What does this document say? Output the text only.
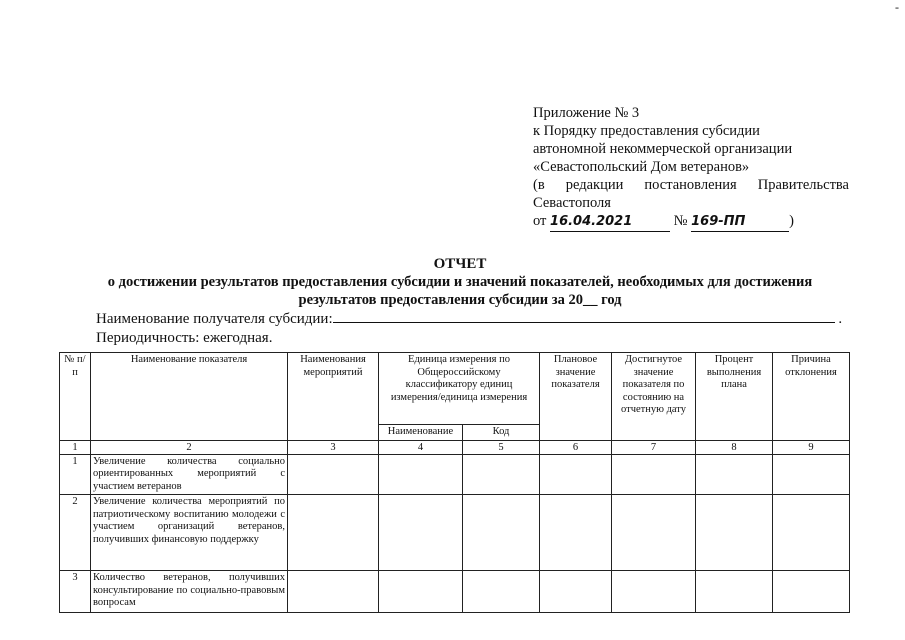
-
Приложение № 3
к Порядку предоставления субсидии
автономной некоммерческой организации
«Севастопольский Дом ветеранов»
(в редакции постановления Правительства
Севастополя
от 16.04.2021	№ 169-ПП	)
ОТЧЕТ
о достижении результатов предоставления субсидии и значений показателей, необходимых для достижения
результатов предоставления субсидии за 20__ год
Наименование получателя субсидии:	.
Периодичность: ежегодная.
№ п/п	Наименование показателя	Наименования мероприятий	Единица измерения по Общероссийскому классификатору единиц измерения/единица измерения		Плановое значение показателя	Достигнутое значение показателя по состоянию на отчетную дату	Процент выполнения плана	Причина отклонения
			Наименование	Код				
1	2	3	4	5	6	7	8	9
1	Увеличение количества социально ориентированных мероприятий с участием ветеранов							
2	Увеличение количества мероприятий по патриотическому воспитанию молодежи с участием организаций ветеранов, получивших финансовую поддержку							
3	Количество ветеранов, получивших консультирование по социально-правовым вопросам							
